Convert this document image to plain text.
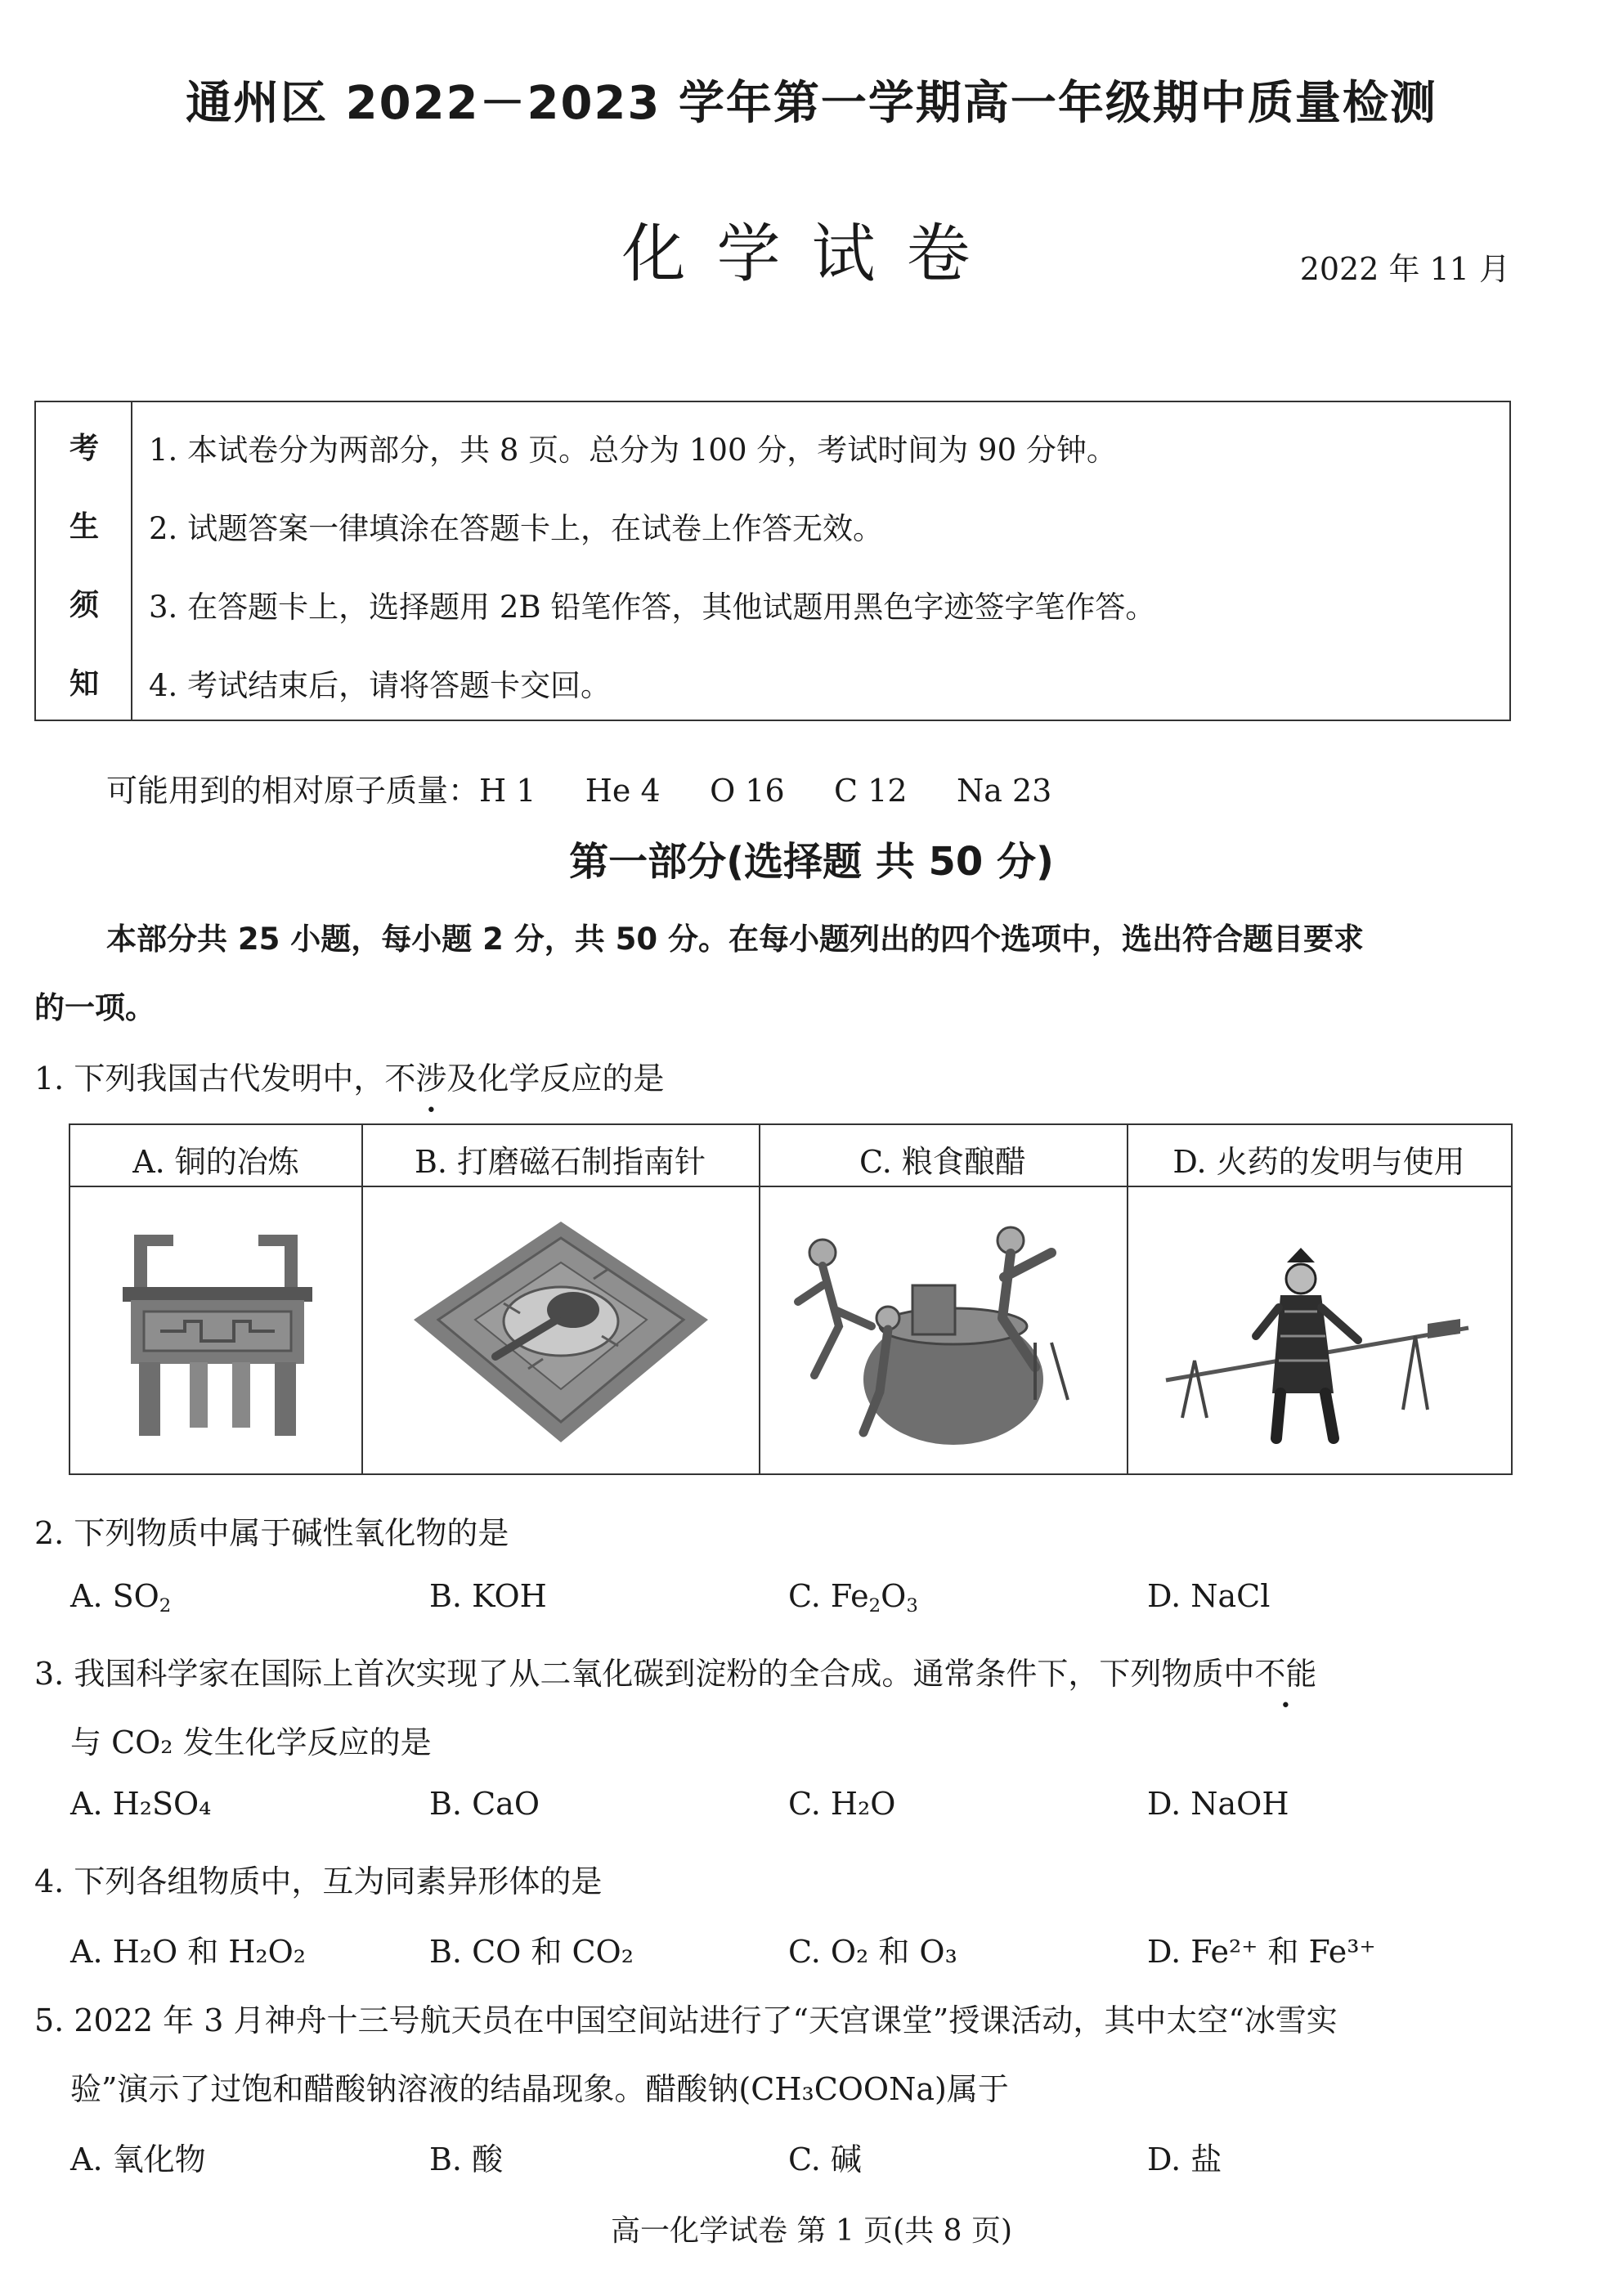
通州区 2022－2023 学年第一学期高一年级期中质量检测
化学试卷	2022 年 11 月
考
生
须
知
1. 本试卷分为两部分，共 8 页。总分为 100 分，考试时间为 90 分钟。
2. 试题答案一律填涂在答题卡上，在试卷上作答无效。
3. 在答题卡上，选择题用 2B 铅笔作答，其他试题用黑色字迹签字笔作答。
4. 考试结束后，请将答题卡交回。
可能用到的相对原子质量：H 1     He 4     O 16     C 12     Na 23
第一部分(选择题 共 50 分)
本部分共 25 小题，每小题 2 分，共 50 分。在每小题列出的四个选项中，选出符合题目要求
的一项。
1. 下列我国古代发明中，不涉及化学反应的是
A. 铜的冶炼	B. 打磨磁石制指南针	C. 粮食酿醋	D. 火药的发明与使用
2. 下列物质中属于碱性氧化物的是
A. $SO_2$	B. KOH	C. $Fe_2O_3$	D. NaCl
3. 我国科学家在国际上首次实现了从二氧化碳到淀粉的全合成。通常条件下，下列物质中不能
与 CO₂ 发生化学反应的是
A. H₂SO₄	B. CaO	C. H₂O	D. NaOH
4. 下列各组物质中，互为同素异形体的是
A. H₂O 和 H₂O₂	B. CO 和 CO₂	C. O₂ 和 O₃	D. Fe²⁺ 和 Fe³⁺
5. 2022 年 3 月神舟十三号航天员在中国空间站进行了“天宫课堂”授课活动，其中太空“冰雪实
验”演示了过饱和醋酸钠溶液的结晶现象。醋酸钠(CH₃COONa)属于
A. 氧化物	B. 酸	C. 碱	D. 盐
高一化学试卷 第 1 页(共 8 页)
